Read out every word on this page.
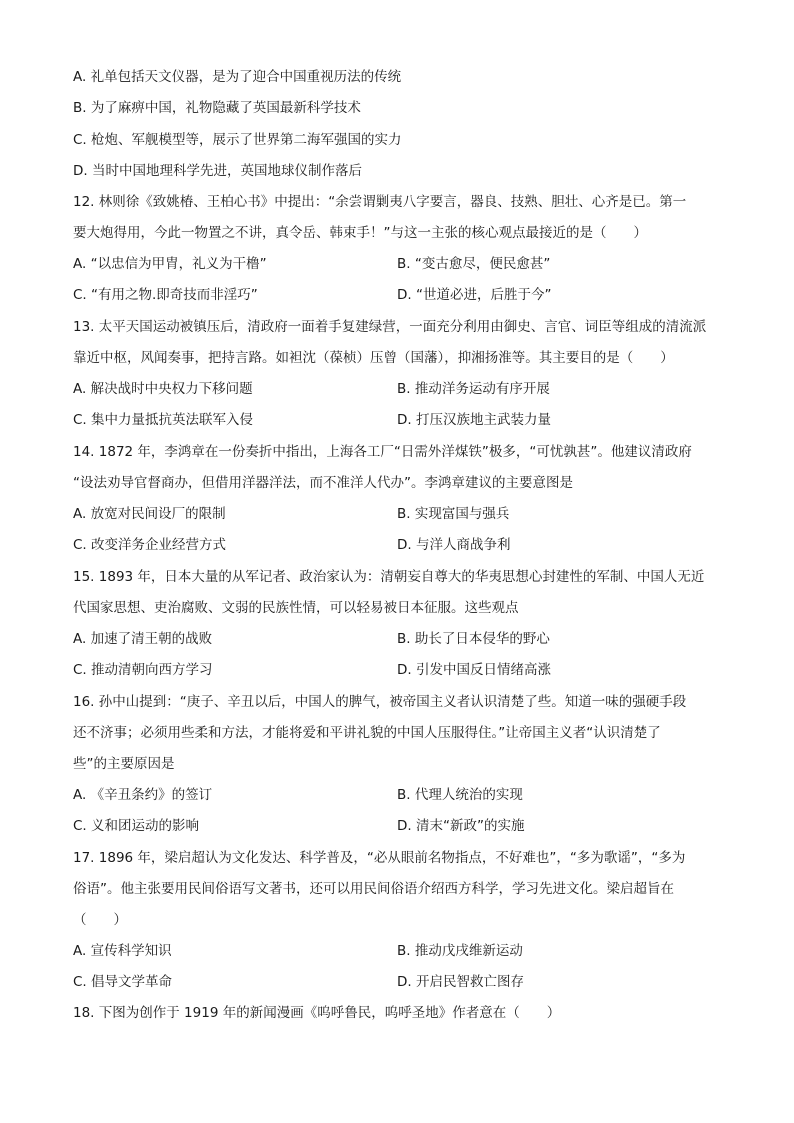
A. 礼单包括天文仪器，是为了迎合中国重视历法的传统
B. 为了麻痹中国，礼物隐藏了英国最新科学技术
C. 枪炮、军舰模型等，展示了世界第二海军强国的实力
D. 当时中国地理科学先进，英国地球仪制作落后
12. 林则徐《致姚椿、王柏心书》中提出：“余尝谓剿夷八字要言，器良、技熟、胆壮、心齐是已。第一
要大炮得用，今此一物置之不讲，真令岳、韩束手！”与这一主张的核心观点最接近的是（　　）
A. “以忠信为甲胄，礼义为干橹”	B. “变古愈尽，便民愈甚”
C. “有用之物.即奇技而非淫巧”	D. “世道必进，后胜于今”
13. 太平天国运动被镇压后，清政府一面着手复建绿营，一面充分利用由御史、言官、词臣等组成的清流派
靠近中枢，风闻奏事，把持言路。如袒沈（葆桢）压曾（国藩），抑湘扬淮等。其主要目的是（　　）
A. 解决战时中央权力下移问题	B. 推动洋务运动有序开展
C. 集中力量抵抗英法联军入侵	D. 打压汉族地主武装力量
14. 1872 年，李鸿章在一份奏折中指出，上海各工厂“日需外洋煤铁”极多，“可忧孰甚”。他建议清政府
“设法劝导官督商办，但借用洋器洋法，而不准洋人代办”。李鸿章建议的主要意图是
A. 放宽对民间设厂的限制	B. 实现富国与强兵
C. 改变洋务企业经营方式	D. 与洋人商战争利
15. 1893 年，日本大量的从军记者、政治家认为：清朝妄自尊大的华夷思想心封建性的军制、中国人无近
代国家思想、吏治腐败、文弱的民族性情，可以轻易被日本征服。这些观点
A. 加速了清王朝的战败	B. 助长了日本侵华的野心
C. 推动清朝向西方学习	D. 引发中国反日情绪高涨
16. 孙中山提到：“庚子、辛丑以后，中国人的脾气，被帝国主义者认识清楚了些。知道一味的强硬手段
还不济事；必须用些柔和方法，才能将爱和平讲礼貌的中国人压服得住。”让帝国主义者“认识清楚了
些”的主要原因是
A. 《辛丑条约》的签订	B. 代理人统治的实现
C. 义和团运动的影响	D. 清末“新政”的实施
17. 1896 年，梁启超认为文化发达、科学普及，“必从眼前名物指点，不好难也”，“多为歌谣”，“多为
俗语”。他主张要用民间俗语写文著书，还可以用民间俗语介绍西方科学，学习先进文化。梁启超旨在
（　　）
A. 宣传科学知识	B. 推动戊戌维新运动
C. 倡导文学革命	D. 开启民智救亡图存
18. 下图为创作于 1919 年的新闻漫画《呜呼鲁民，呜呼圣地》作者意在（　　）
